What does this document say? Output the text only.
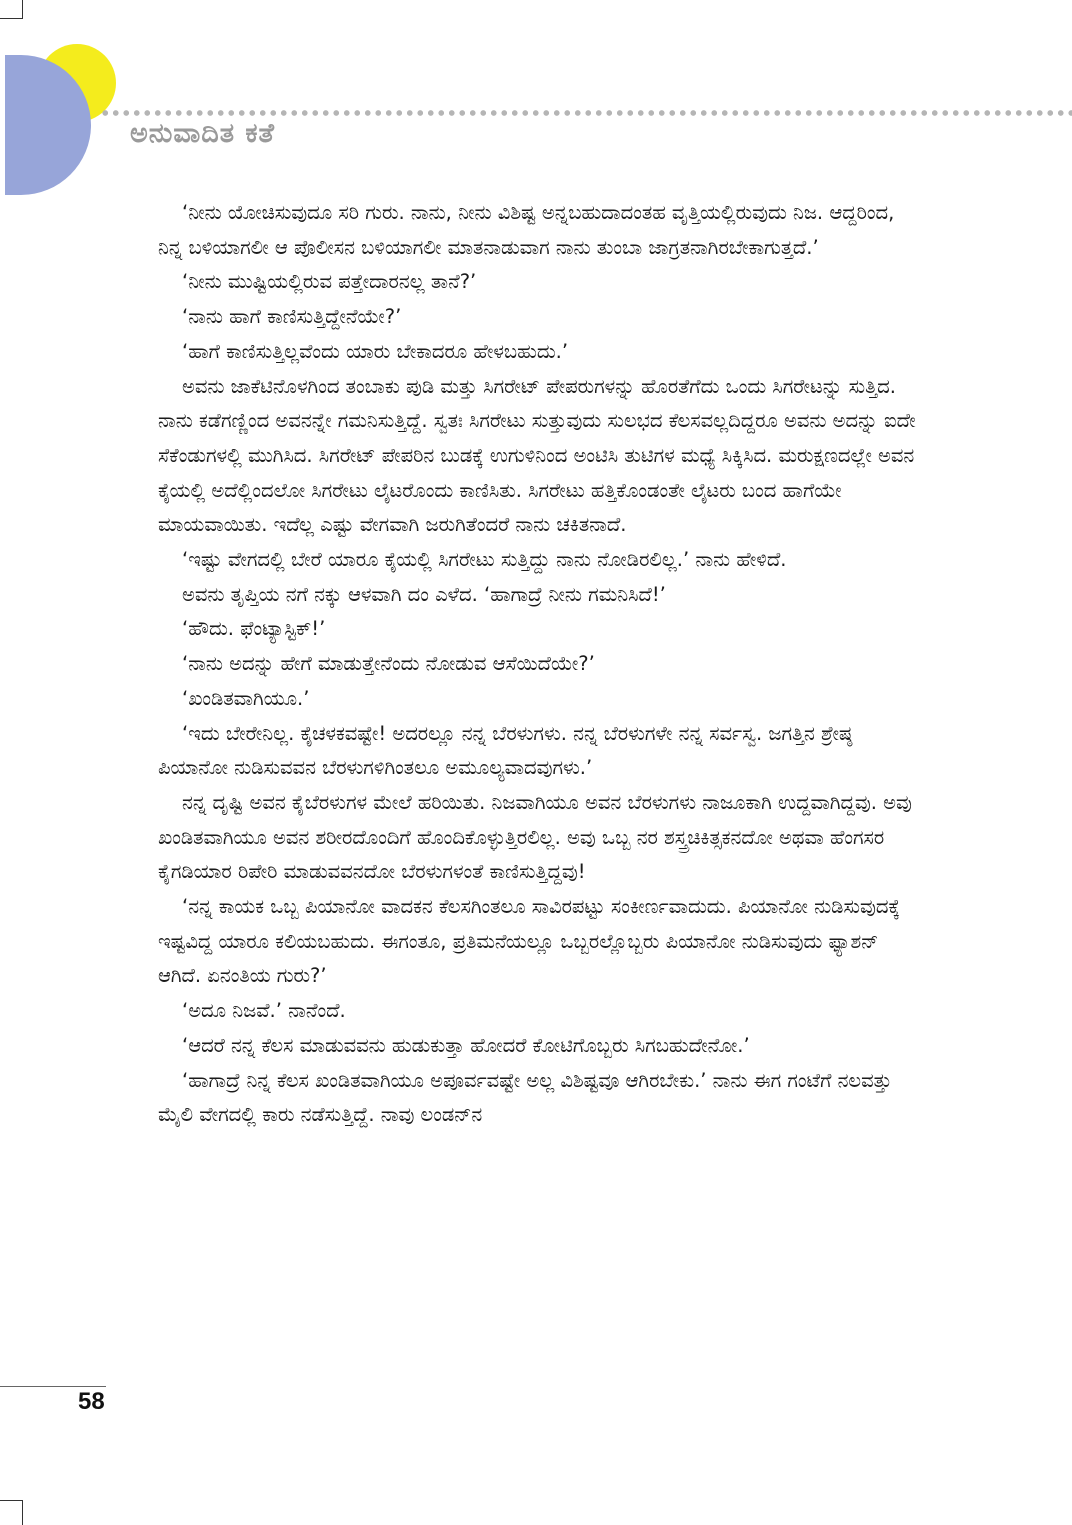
ಅನುವಾದಿತ ಕತೆ

‘ನೀನು ಯೋಚಿಸುವುದೂ ಸರಿ ಗುರು. ನಾನು, ನೀನು ವಿಶಿಷ್ಟ ಅನ್ನಬಹುದಾದಂತಹ ವೃತ್ತಿಯಲ್ಲಿರುವುದು ನಿಜ. ಆದ್ದರಿಂದ, ನಿನ್ನ ಬಳಿಯಾಗಲೀ ಆ ಪೊಲೀಸನ ಬಳಿಯಾಗಲೀ ಮಾತನಾಡುವಾಗ ನಾನು ತುಂಬಾ ಜಾಗ್ರತನಾಗಿರಬೇಕಾಗುತ್ತದೆ.’

‘ನೀನು ಮುಷ್ಟಿಯಲ್ಲಿರುವ ಪತ್ತೇದಾರನಲ್ಲ ತಾನೆ?’

‘ನಾನು ಹಾಗೆ ಕಾಣಿಸುತ್ತಿದ್ದೇನೆಯೇ?’

‘ಹಾಗೆ ಕಾಣಿಸುತ್ತಿಲ್ಲವೆಂದು ಯಾರು ಬೇಕಾದರೂ ಹೇಳಬಹುದು.’

ಅವನು ಜಾಕೆಟಿನೊಳಗಿಂದ ತಂಬಾಕು ಪುಡಿ ಮತ್ತು ಸಿಗರೇಟ್ ಪೇಪರುಗಳನ್ನು ಹೊರತೆಗೆದು ಒಂದು ಸಿಗರೇಟನ್ನು ಸುತ್ತಿದ. ನಾನು ಕಡೆಗಣ್ಣಿಂದ ಅವನನ್ನೇ ಗಮನಿಸುತ್ತಿದ್ದೆ. ಸ್ವತಃ ಸಿಗರೇಟು ಸುತ್ತುವುದು ಸುಲಭದ ಕೆಲಸವಲ್ಲದಿದ್ದರೂ ಅವನು ಅದನ್ನು ಐದೇ ಸೆಕೆಂಡುಗಳಲ್ಲಿ ಮುಗಿಸಿದ. ಸಿಗರೇಟ್ ಪೇಪರಿನ ಬುಡಕ್ಕೆ ಉಗುಳಿನಿಂದ ಅಂಟಿಸಿ ತುಟಿಗಳ ಮಧ್ಯೆ ಸಿಕ್ಕಿಸಿದ. ಮರುಕ್ಷಣದಲ್ಲೇ ಅವನ ಕೈಯಲ್ಲಿ ಅದೆಲ್ಲಿಂದಲೋ ಸಿಗರೇಟು ಲೈಟರೊಂದು ಕಾಣಿಸಿತು. ಸಿಗರೇಟು ಹತ್ತಿಕೊಂಡಂತೇ ಲೈಟರು ಬಂದ ಹಾಗೆಯೇ ಮಾಯವಾಯಿತು. ಇದೆಲ್ಲ ಎಷ್ಟು ವೇಗವಾಗಿ ಜರುಗಿತೆಂದರೆ ನಾನು ಚಕಿತನಾದೆ.

‘ಇಷ್ಟು ವೇಗದಲ್ಲಿ ಬೇರೆ ಯಾರೂ ಕೈಯಲ್ಲಿ ಸಿಗರೇಟು ಸುತ್ತಿದ್ದು ನಾನು ನೋಡಿರಲಿಲ್ಲ.’ ನಾನು ಹೇಳಿದೆ.

ಅವನು ತೃಪ್ತಿಯ ನಗೆ ನಕ್ಕು ಆಳವಾಗಿ ದಂ ಎಳೆದ. ‘ಹಾಗಾದ್ರೆ ನೀನು ಗಮನಿಸಿದೆ!’

‘ಹೌದು. ಫೆಂಟ್ಯಾಸ್ಟಿಕ್!’

‘ನಾನು ಅದನ್ನು ಹೇಗೆ ಮಾಡುತ್ತೇನೆಂದು ನೋಡುವ ಆಸೆಯಿದೆಯೇ?’

‘ಖಂಡಿತವಾಗಿಯೂ.’

‘ಇದು ಬೇರೇನಿಲ್ಲ. ಕೈಚಳಕವಷ್ಟೇ! ಅದರಲ್ಲೂ ನನ್ನ ಬೆರಳುಗಳು. ನನ್ನ ಬೆರಳುಗಳೇ ನನ್ನ ಸರ್ವಸ್ವ. ಜಗತ್ತಿನ ಶ್ರೇಷ್ಠ ಪಿಯಾನೋ ನುಡಿಸುವವನ ಬೆರಳುಗಳಿಗಿಂತಲೂ ಅಮೂಲ್ಯವಾದವುಗಳು.’

ನನ್ನ ದೃಷ್ಟಿ ಅವನ ಕೈಬೆರಳುಗಳ ಮೇಲೆ ಹರಿಯಿತು. ನಿಜವಾಗಿಯೂ ಅವನ ಬೆರಳುಗಳು ನಾಜೂಕಾಗಿ ಉದ್ದವಾಗಿದ್ದವು. ಅವು ಖಂಡಿತವಾಗಿಯೂ ಅವನ ಶರೀರದೊಂದಿಗೆ ಹೊಂದಿಕೊಳ್ಳುತ್ತಿರಲಿಲ್ಲ. ಅವು ಒಬ್ಬ ನರ ಶಸ್ತ್ರಚಿಕಿತ್ಸಕನದೋ ಅಥವಾ ಹೆಂಗಸರ ಕೈಗಡಿಯಾರ ರಿಪೇರಿ ಮಾಡುವವನದೋ ಬೆರಳುಗಳಂತೆ ಕಾಣಿಸುತ್ತಿದ್ದವು!

‘ನನ್ನ ಕಾಯಕ ಒಬ್ಬ ಪಿಯಾನೋ ವಾದಕನ ಕೆಲಸಗಿಂತಲೂ ಸಾವಿರಪಟ್ಟು ಸಂಕೀರ್ಣವಾದುದು. ಪಿಯಾನೋ ನುಡಿಸುವುದಕ್ಕೆ ಇಷ್ಟವಿದ್ದ ಯಾರೂ ಕಲಿಯಬಹುದು. ಈಗಂತೂ, ಪ್ರತಿಮನೆಯಲ್ಲೂ ಒಬ್ಬರಲ್ಲೊಬ್ಬರು ಪಿಯಾನೋ ನುಡಿಸುವುದು ಫ್ಯಾಶನ್ ಆಗಿದೆ. ಏನಂತಿಯ ಗುರು?’

‘ಅದೂ ನಿಜವೆ.’ ನಾನೆಂದೆ.

‘ಆದರೆ ನನ್ನ ಕೆಲಸ ಮಾಡುವವನು ಹುಡುಕುತ್ತಾ ಹೋದರೆ ಕೋಟಿಗೊಬ್ಬರು ಸಿಗಬಹುದೇನೋ.’

‘ಹಾಗಾದ್ರೆ ನಿನ್ನ ಕೆಲಸ ಖಂಡಿತವಾಗಿಯೂ ಅಪೂರ್ವವಷ್ಟೇ ಅಲ್ಲ ವಿಶಿಷ್ಟವೂ ಆಗಿರಬೇಕು.’ ನಾನು ಈಗ ಗಂಟೆಗೆ ನಲವತ್ತು ಮೈಲಿ ವೇಗದಲ್ಲಿ ಕಾರು ನಡೆಸುತ್ತಿದ್ದೆ. ನಾವು ಲಂಡನ್‌ನ

58
